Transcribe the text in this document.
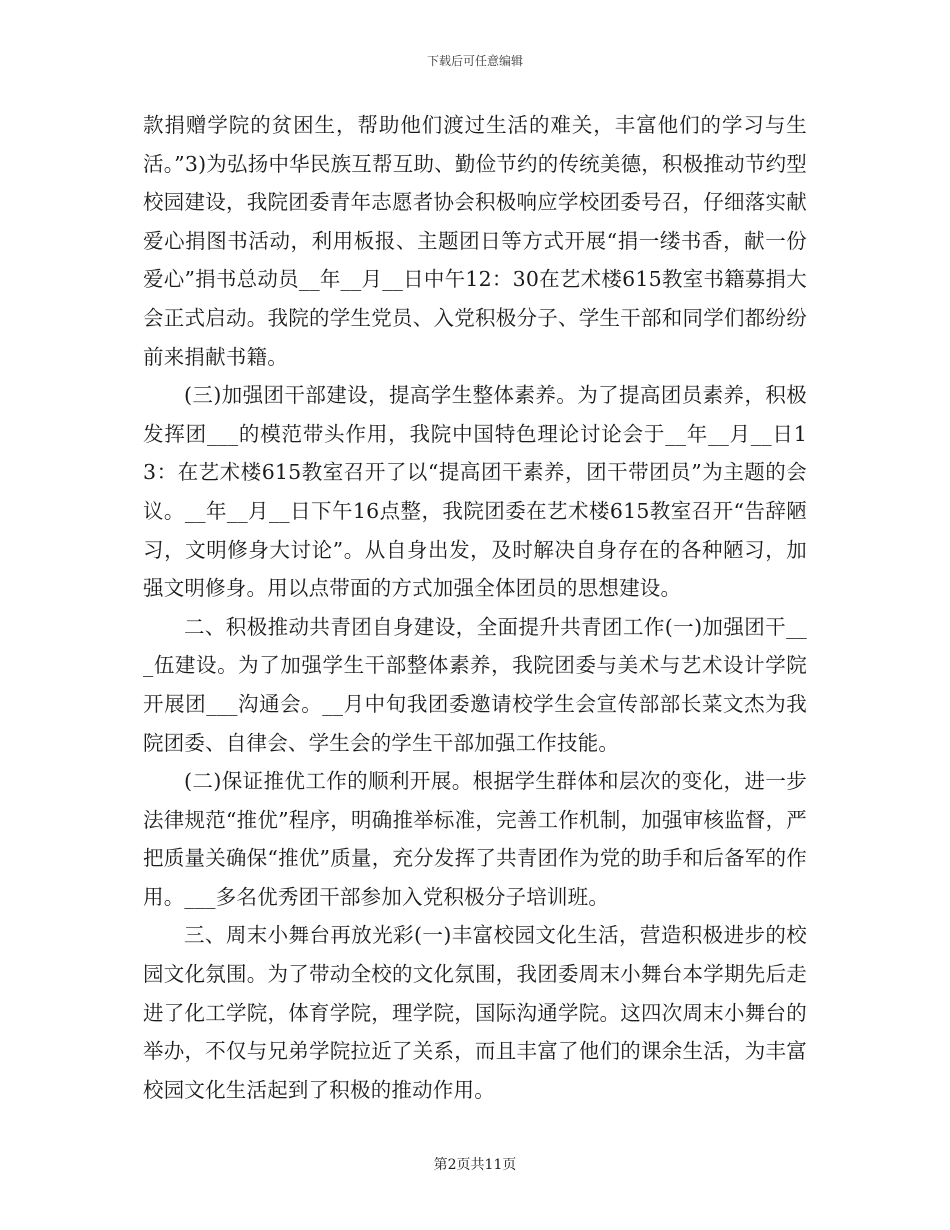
下载后可任意编辑

款捐赠学院的贫困生，帮助他们渡过生活的难关，丰富他们的学习与生活。”3)为弘扬中华民族互帮互助、勤俭节约的传统美德，积极推动节约型校园建设，我院团委青年志愿者协会积极响应学校团委号召，仔细落实献爱心捐图书活动，利用板报、主题团日等方式开展“捐一缕书香，献一份爱心”捐书总动员__年__月__日中午12：30在艺术楼615教室书籍募捐大会正式启动。我院的学生党员、入党积极分子、学生干部和同学们都纷纷前来捐献书籍。

(三)加强团干部建设，提高学生整体素养。为了提高团员素养，积极发挥团___的模范带头作用，我院中国特色理论讨论会于__年__月__日13：在艺术楼615教室召开了以“提高团干素养，团干带团员”为主题的会议。__年__月__日下午16点整，我院团委在艺术楼615教室召开“告辞陋习，文明修身大讨论”。从自身出发，及时解决自身存在的各种陋习，加强文明修身。用以点带面的方式加强全体团员的思想建设。

二、积极推动共青团自身建设，全面提升共青团工作(一)加强团干___伍建设。为了加强学生干部整体素养，我院团委与美术与艺术设计学院开展团___沟通会。__月中旬我团委邀请校学生会宣传部部长菜文杰为我院团委、自律会、学生会的学生干部加强工作技能。

(二)保证推优工作的顺利开展。根据学生群体和层次的变化，进一步法律规范“推优”程序，明确推举标准，完善工作机制，加强审核监督，严把质量关确保“推优”质量，充分发挥了共青团作为党的助手和后备军的作用。___多名优秀团干部参加入党积极分子培训班。

三、周末小舞台再放光彩(一)丰富校园文化生活，营造积极进步的校园文化氛围。为了带动全校的文化氛围，我团委周末小舞台本学期先后走进了化工学院，体育学院，理学院，国际沟通学院。这四次周末小舞台的举办，不仅与兄弟学院拉近了关系，而且丰富了他们的课余生活，为丰富校园文化生活起到了积极的推动作用。

第2页共11页
